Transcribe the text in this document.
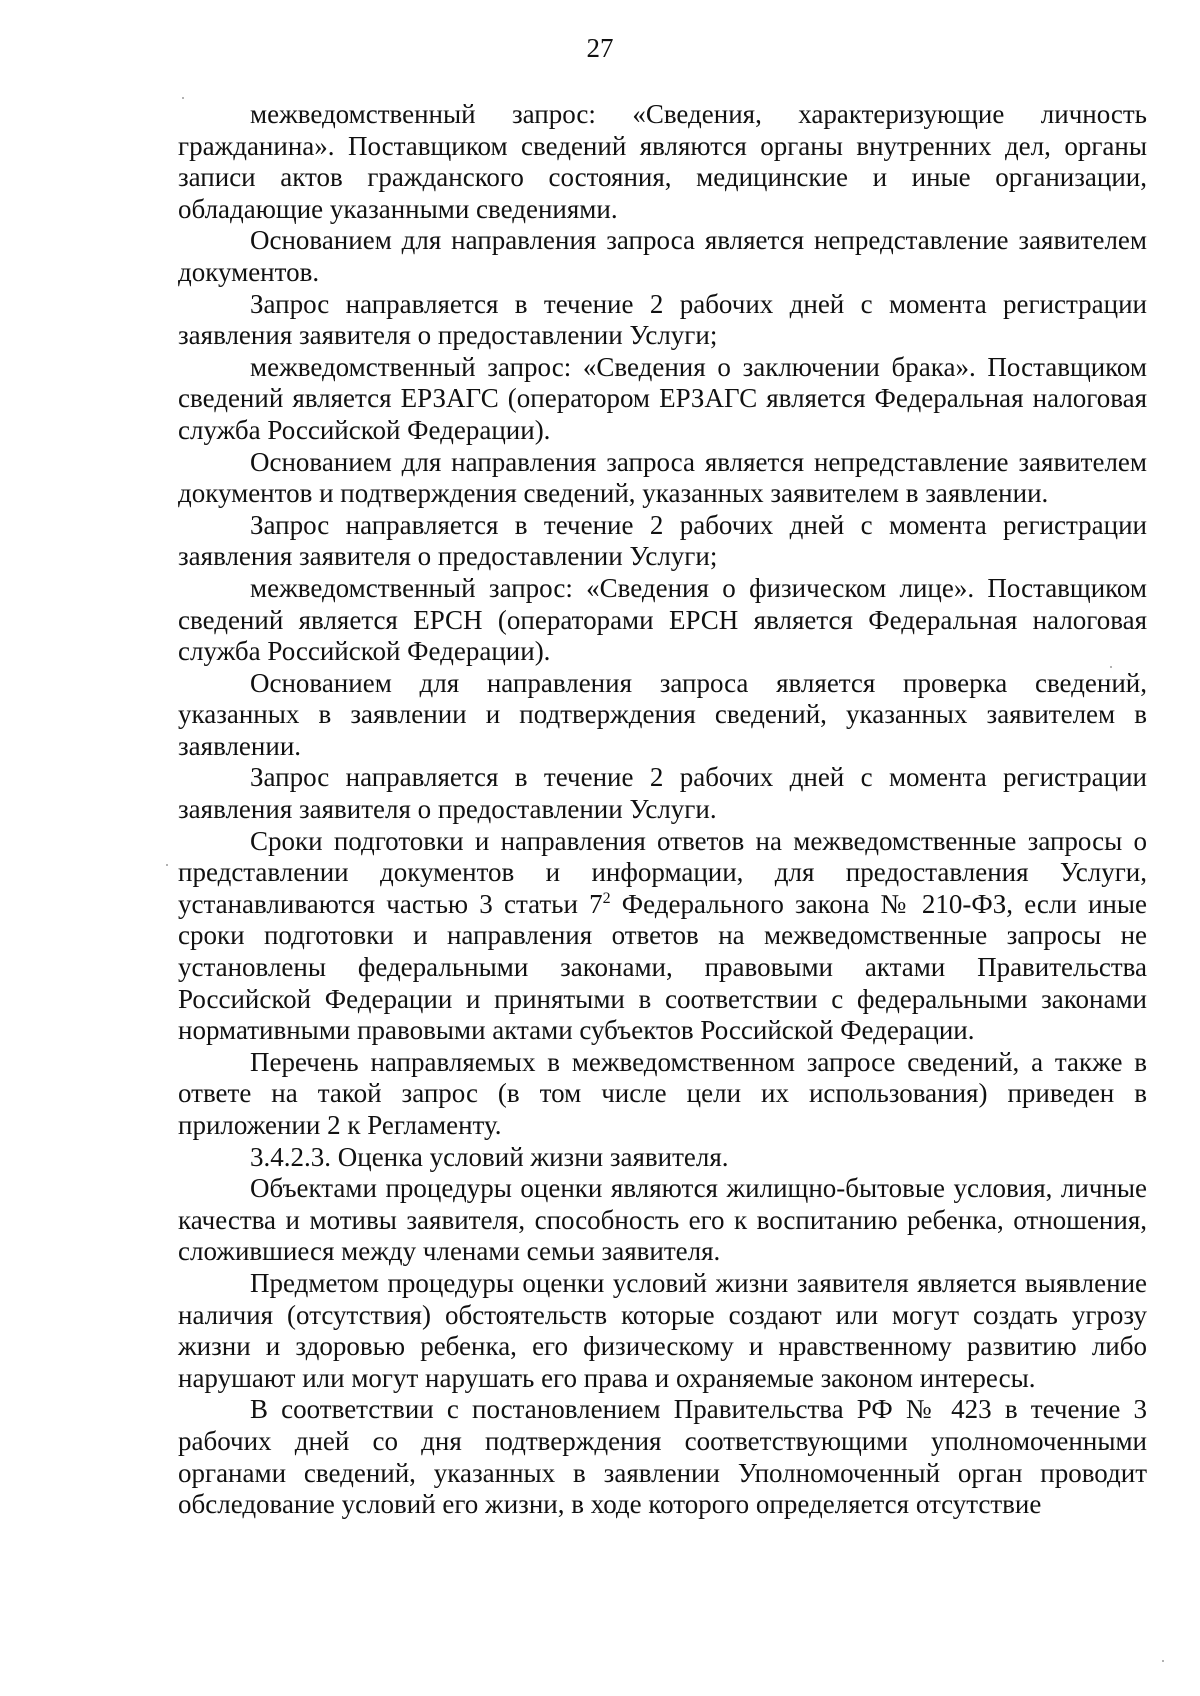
27

межведомственный запрос: «Сведения, характеризующие личность гражданина». Поставщиком сведений являются органы внутренних дел, органы записи актов гражданского состояния, медицинские и иные организации, обладающие указанными сведениями.

Основанием для направления запроса является непредставление заявителем документов.

Запрос направляется в течение 2 рабочих дней с момента регистрации заявления заявителя о предоставлении Услуги;

межведомственный запрос: «Сведения о заключении брака». Поставщиком сведений является ЕРЗАГС (оператором ЕРЗАГС является Федеральная налоговая служба Российской Федерации).

Основанием для направления запроса является непредставление заявителем документов и подтверждения сведений, указанных заявителем в заявлении.

Запрос направляется в течение 2 рабочих дней с момента регистрации заявления заявителя о предоставлении Услуги;

межведомственный запрос: «Сведения о физическом лице». Поставщиком сведений является ЕРСН (операторами ЕРСН является Федеральная налоговая служба Российской Федерации).

Основанием для направления запроса является проверка сведений, указанных в заявлении и подтверждения сведений, указанных заявителем в заявлении.

Запрос направляется в течение 2 рабочих дней с момента регистрации заявления заявителя о предоставлении Услуги.

Сроки подготовки и направления ответов на межведомственные запросы о представлении документов и информации, для предоставления Услуги, устанавливаются частью 3 статьи $7^2$ Федерального закона № 210-ФЗ, если иные сроки подготовки и направления ответов на межведомственные запросы не установлены федеральными законами, правовыми актами Правительства Российской Федерации и принятыми в соответствии с федеральными законами нормативными правовыми актами субъектов Российской Федерации.

Перечень направляемых в межведомственном запросе сведений, а также в ответе на такой запрос (в том числе цели их использования) приведен в приложении 2 к Регламенту.

3.4.2.3. Оценка условий жизни заявителя.

Объектами процедуры оценки являются жилищно-бытовые условия, личные качества и мотивы заявителя, способность его к воспитанию ребенка, отношения, сложившиеся между членами семьи заявителя.

Предметом процедуры оценки условий жизни заявителя является выявление наличия (отсутствия) обстоятельств которые создают или могут создать угрозу жизни и здоровью ребенка, его физическому и нравственному развитию либо нарушают или могут нарушать его права и охраняемые законом интересы.

В соответствии с постановлением Правительства РФ № 423 в течение 3 рабочих дней со дня подтверждения соответствующими уполномоченными органами сведений, указанных в заявлении Уполномоченный орган проводит обследование условий его жизни, в ходе которого определяется отсутствие
